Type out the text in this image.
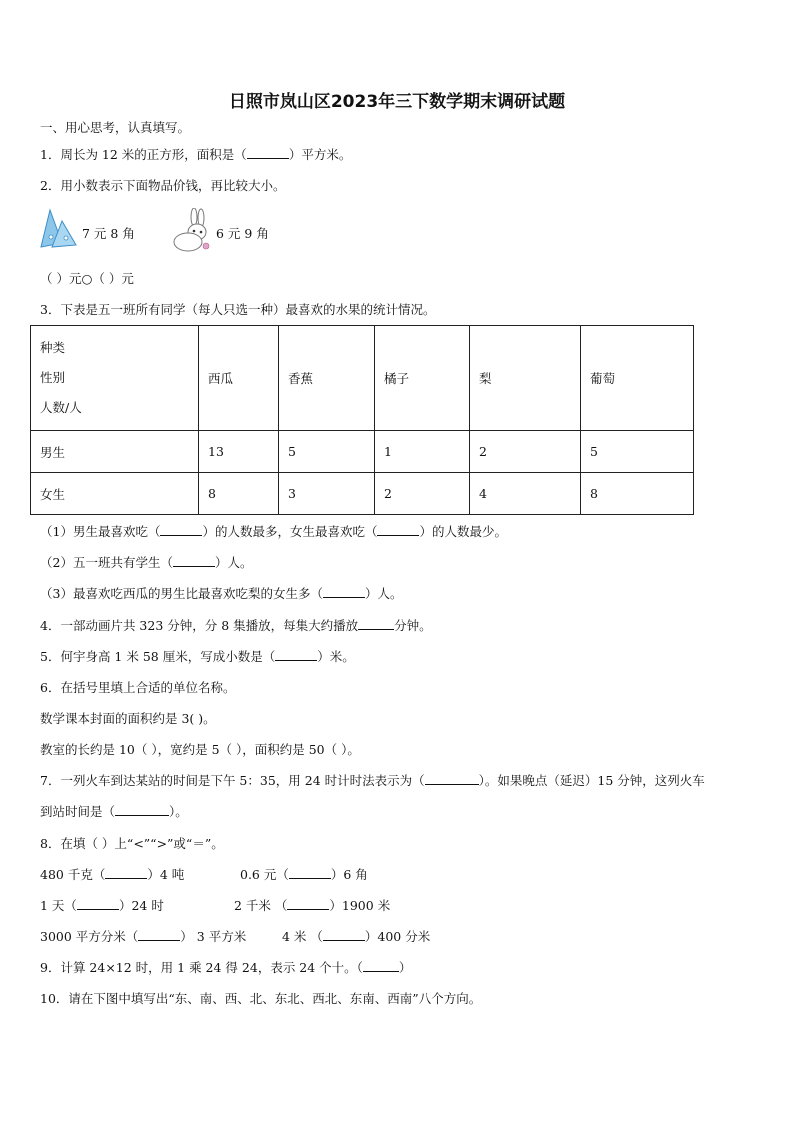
日照市岚山区2023年三下数学期末调研试题
一、用心思考，认真填写。
1．周长为 12 米的正方形，面积是（	）平方米。
2．用小数表示下面物品价钱，再比较大小。
7 元 8 角	6 元 9 角
（ ）元○（ ）元
3．下表是五一班所有同学（每人只选一种）最喜欢的水果的统计情况。
种类
性别
人数/人	西瓜	香蕉	橘子	梨	葡萄
男生	13	5	1	2	5
女生	8	3	2	4	8
（1）男生最喜欢吃（	）的人数最多，女生最喜欢吃（	）的人数最少。
（2）五一班共有学生（	）人。
（3）最喜欢吃西瓜的男生比最喜欢吃梨的女生多（	）人。
4．一部动画片共 323 分钟，分 8 集播放，每集大约播放	分钟。
5．何宇身高 1 米 58 厘米，写成小数是（	）米。
6．在括号里填上合适的单位名称。
数学课本封面的面积约是 3( )。
教室的长约是 10（ ），宽约是 5（ ），面积约是 50（ ）。
7．一列火车到达某站的时间是下午 5：35，用 24 时计时法表示为（	）。如果晚点（延迟）15 分钟，这列火车
到站时间是（	）。
8．在填（ ）上“<”“>”或“＝”。
480 千克（	）4 吨	0.6 元（	）6 角
1 天（	）24 时	2 千米 （	）1900 米
3000 平方分米（	） 3 平方米	4 米 （	）400 分米
9．计算 24×12 时，用 1 乘 24 得 24，表示 24 个十。（	）
10．请在下图中填写出“东、南、西、北、东北、西北、东南、西南”八个方向。
